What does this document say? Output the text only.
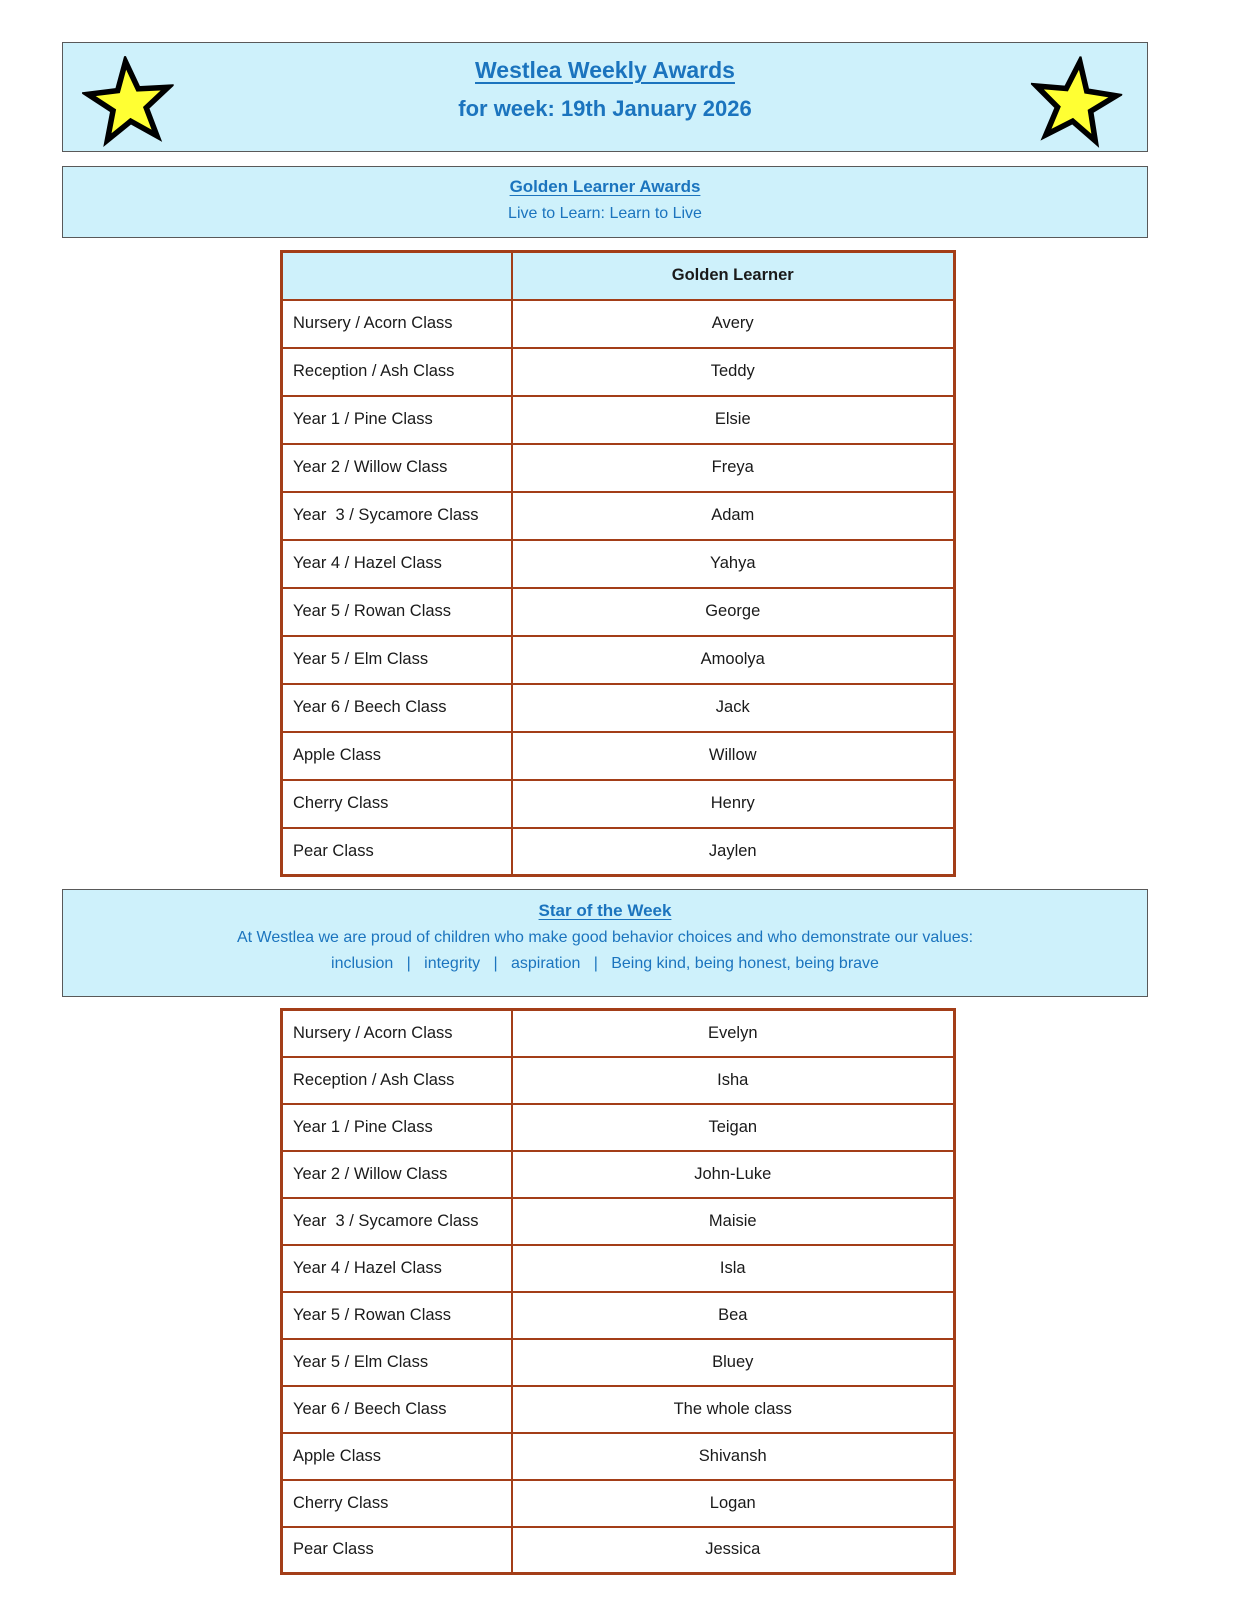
Westlea Weekly Awards
for week: 19th January 2026
Golden Learner Awards
Live to Learn: Learn to Live
	Golden Learner
Nursery / Acorn Class	Avery
Reception / Ash Class	Teddy
Year 1 / Pine Class	Elsie
Year 2 / Willow Class	Freya
Year  3 / Sycamore Class	Adam
Year 4 / Hazel Class	Yahya
Year 5 / Rowan Class	George
Year 5 / Elm Class	Amoolya
Year 6 / Beech Class	Jack
Apple Class	Willow
Cherry Class	Henry
Pear Class	Jaylen
Star of the Week
At Westlea we are proud of children who make good behavior choices and who demonstrate our values:
inclusion   |   integrity   |   aspiration   |   Being kind, being honest, being brave
Nursery / Acorn Class	Evelyn
Reception / Ash Class	Isha
Year 1 / Pine Class	Teigan
Year 2 / Willow Class	John-Luke
Year  3 / Sycamore Class	Maisie
Year 4 / Hazel Class	Isla
Year 5 / Rowan Class	Bea
Year 5 / Elm Class	Bluey
Year 6 / Beech Class	The whole class
Apple Class	Shivansh
Cherry Class	Logan
Pear Class	Jessica
